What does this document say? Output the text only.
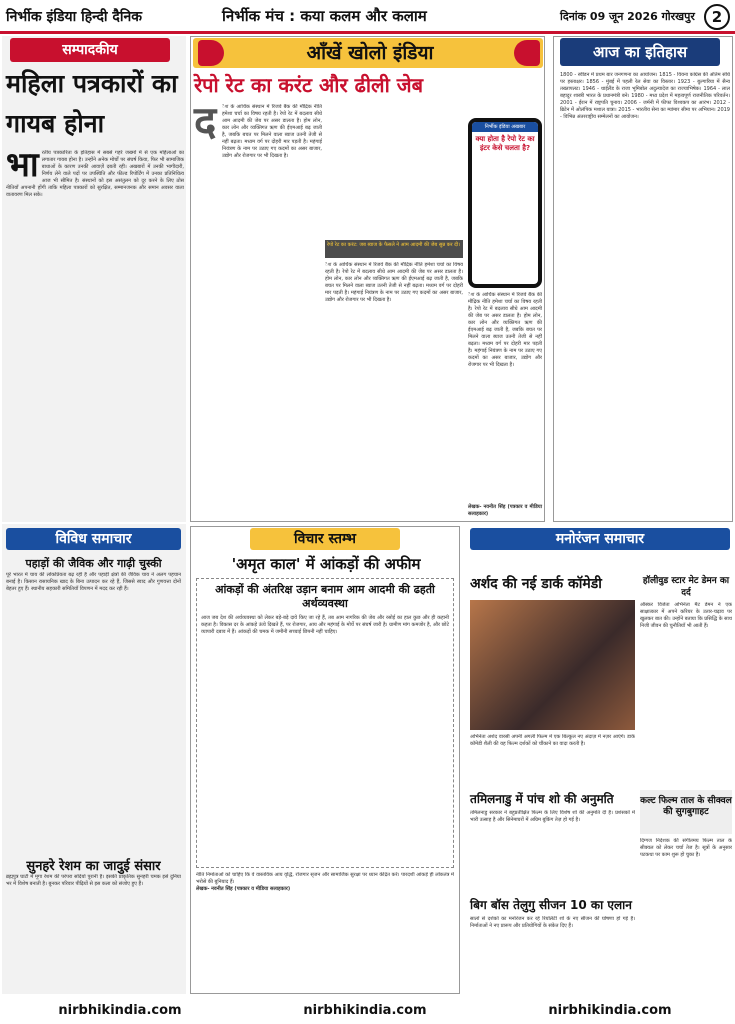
निर्भीक इंडिया हिन्दी दैनिक	निर्भीक मंच : कया कलम और कलाम	दिनांक 09 जून 2026 गोरखपुर	2
सम्पादकीय
महिला पत्रकारों का गायब होना
भा रतीय पत्रकारिता के इतिहास में सबसे गहरे जख्मों में से एक महिलाओं का लगातार गायब होना है। उन्होंने अनेक मोर्चों पर संघर्ष किया, फिर भी सामाजिक बाधाओं के कारण उनकी आवाज़ें दबती रहीं। अखबारों में उनकी भागीदारी, निर्णय लेने वाले पदों पर उपस्थिति और फील्ड रिपोर्टिंग में उनका प्रतिनिधित्व आज भी सीमित है। संस्थानों को इस असंतुलन को दूर करने के लिए ठोस नीतियाँ अपनानी होंगी ताकि महिला पत्रकारों को सुरक्षित, सम्मानजनक और समान अवसर वाला वातावरण मिल सके।
आँखें खोलो इंडिया
रेपो रेट का करंट और ढीली जेब
द ेश के आर्थिक संस्थान में रिजर्व बैंक की मौद्रिक नीति हमेशा चर्चा का विषय रहती है। रेपो रेट में बदलाव सीधे आम आदमी की जेब पर असर डालता है। होम लोन, कार लोन और व्यक्तिगत ऋण की ईएमआई बढ़ जाती है, जबकि बचत पर मिलने वाला ब्याज उतनी तेजी से नहीं बढ़ता। मध्यम वर्ग पर दोहरी मार पड़ती है। महंगाई नियंत्रण के नाम पर उठाए गए कदमों का असर बाजार, उद्योग और रोजगार पर भी दिखता है।
रेपो रेट का करंट: जब ब्याज के फैसले ने आम आदमी की जेब सुन्न कर दी।
निर्भीक इंडिया अखबार
क्या होता है रेपो रेट का इंटर केसे चलता है?
ेश के आर्थिक संस्थान में रिजर्व बैंक की मौद्रिक नीति हमेशा चर्चा का विषय रहती है। रेपो रेट में बदलाव सीधे आम आदमी की जेब पर असर डालता है। होम लोन, कार लोन और व्यक्तिगत ऋण की ईएमआई बढ़ जाती है, जबकि बचत पर मिलने वाला ब्याज उतनी तेजी से नहीं बढ़ता। मध्यम वर्ग पर दोहरी मार पड़ती है। महंगाई नियंत्रण के नाम पर उठाए गए कदमों का असर बाजार, उद्योग और रोजगार पर भी दिखता है।
ेश के आर्थिक संस्थान में रिजर्व बैंक की मौद्रिक नीति हमेशा चर्चा का विषय रहती है। रेपो रेट में बदलाव सीधे आम आदमी की जेब पर असर डालता है। होम लोन, कार लोन और व्यक्तिगत ऋण की ईएमआई बढ़ जाती है, जबकि बचत पर मिलने वाला ब्याज उतनी तेजी से नहीं बढ़ता। मध्यम वर्ग पर दोहरी मार पड़ती है। महंगाई नियंत्रण के नाम पर उठाए गए कदमों का असर बाजार, उद्योग और रोजगार पर भी दिखता है।
लेखक- नवनीत सिंह (पत्रकार व मीडिया सलाहकार)
आज का इतिहास
1800 - स्वीडन में प्रथम बार जनगणना का आयोजन। 1815 - वियना कांग्रेस की अंतिम संधि पर हस्ताक्षर। 1856 - मुंबई में पहली रेल सेवा का विस्तार। 1923 - बुल्गारिया में सैन्य तख्तापलट। 1946 - थाईलैंड के राजा भूमिबोल अदुल्यादेज का राज्याभिषेक। 1964 - लाल बहादुर शास्त्री भारत के प्रधानमंत्री बने। 1980 - मध्य प्रदेश में महत्वपूर्ण राजनीतिक परिवर्तन। 2001 - ईरान में राष्ट्रपति चुनाव। 2006 - जर्मनी में फीफा विश्वकप का आरंभ। 2012 - ब्रिटेन में ओलंपिक मशाल यात्रा। 2015 - भारतीय सेना का म्यांमार सीमा पर अभियान। 2019 - विभिन्न अंतरराष्ट्रीय सम्मेलनों का आयोजन।
विविध समाचार
पहाड़ों की जैविक और गाढ़ी चुस्की
पूरे भारत में चाय की लोकप्रियता बढ़ रही है और पहाड़ी क्षेत्रों की जैविक चाय ने अलग पहचान बनाई है। किसान रासायनिक खाद के बिना उत्पादन कर रहे हैं, जिससे स्वाद और गुणवत्ता दोनों बेहतर हुए हैं। स्थानीय सहकारी समितियाँ विपणन में मदद कर रही हैं।
सुनहरे रेशम का जादुई संसार
ब्रह्मपुत्र घाटी में मूगा रेशम की परंपरा सदियों पुरानी है। इसकी प्राकृतिक सुनहरी चमक इसे दुनिया भर में विशेष बनाती है। बुनकर परिवार पीढ़ियों से इस कला को संजोए हुए हैं।
विचार स्तम्भ
'अमृत काल' में आंकड़ों की अफीम
आंकड़ों की अंतरिक्ष उड़ान बनाम आम आदमी की ढहती अर्थव्यवस्था
आज जब देश की अर्थव्यवस्था को लेकर बड़े-बड़े दावे किए जा रहे हैं, तब आम नागरिक की जेब और रसोई का हाल कुछ और ही कहानी कहता है। विकास दर के आंकड़े ऊंचे दिखते हैं, पर रोजगार, आय और महंगाई के मोर्चे पर संघर्ष जारी है। ग्रामीण मांग कमजोर है, और छोटे व्यापारी दबाव में हैं। आंकड़ों की चमक में जमीनी सच्चाई छिपनी नहीं चाहिए।
नीति निर्माताओं को चाहिए कि वे वास्तविक आय वृद्धि, रोजगार सृजन और सामाजिक सुरक्षा पर ध्यान केंद्रित करें। पारदर्शी आंकड़े ही लोकतंत्र में भरोसे की बुनियाद हैं।
लेखक- नवनीत सिंह (पत्रकार व मीडिया सलाहकार)
मनोरंजन समाचार
अर्शद की नई डार्क कॉमेडी
अभिनेता अर्शद वारसी अपनी अगली फिल्म में एक बिल्कुल नए अंदाज़ में नज़र आएंगे। डार्क कॉमेडी शैली की यह फिल्म दर्शकों को चौंकाने का वादा करती है।
तमिलनाडु में पांच शो की अनुमति
तमिलनाडु सरकार ने बहुप्रतीक्षित फिल्म के लिए विशेष शो की अनुमति दी है। प्रशंसकों में भारी उत्साह है और सिनेमाघरों में अग्रिम बुकिंग तेज़ हो गई है।
बिग बॉस तेलुगु सीजन 10 का एलान
सालों से दर्शकों का मनोरंजन कर रहे रियलिटी शो के नए सीजन की घोषणा हो गई है। निर्माताओं ने नए प्रारूप और प्रतियोगियों के संकेत दिए हैं।
हॉलीवुड स्टार मेट डेमन का दर्द
ऑस्कर विजेता अभिनेता मैट डेमन ने एक साक्षात्कार में अपने करियर के उतार-चढ़ाव पर खुलकर बात की। उन्होंने बताया कि प्रसिद्धि के साथ निजी जीवन की चुनौतियाँ भी आती हैं।
कल्ट फिल्म ताल के सीक्वल की सुगबुगाहट
दिग्गज निर्देशक की संगीतमय फिल्म ताल के सीक्वल को लेकर चर्चा तेज है। सूत्रों के अनुसार पटकथा पर काम शुरू हो चुका है।
nirbhikindia.com	nirbhikindia.com	nirbhikindia.com
